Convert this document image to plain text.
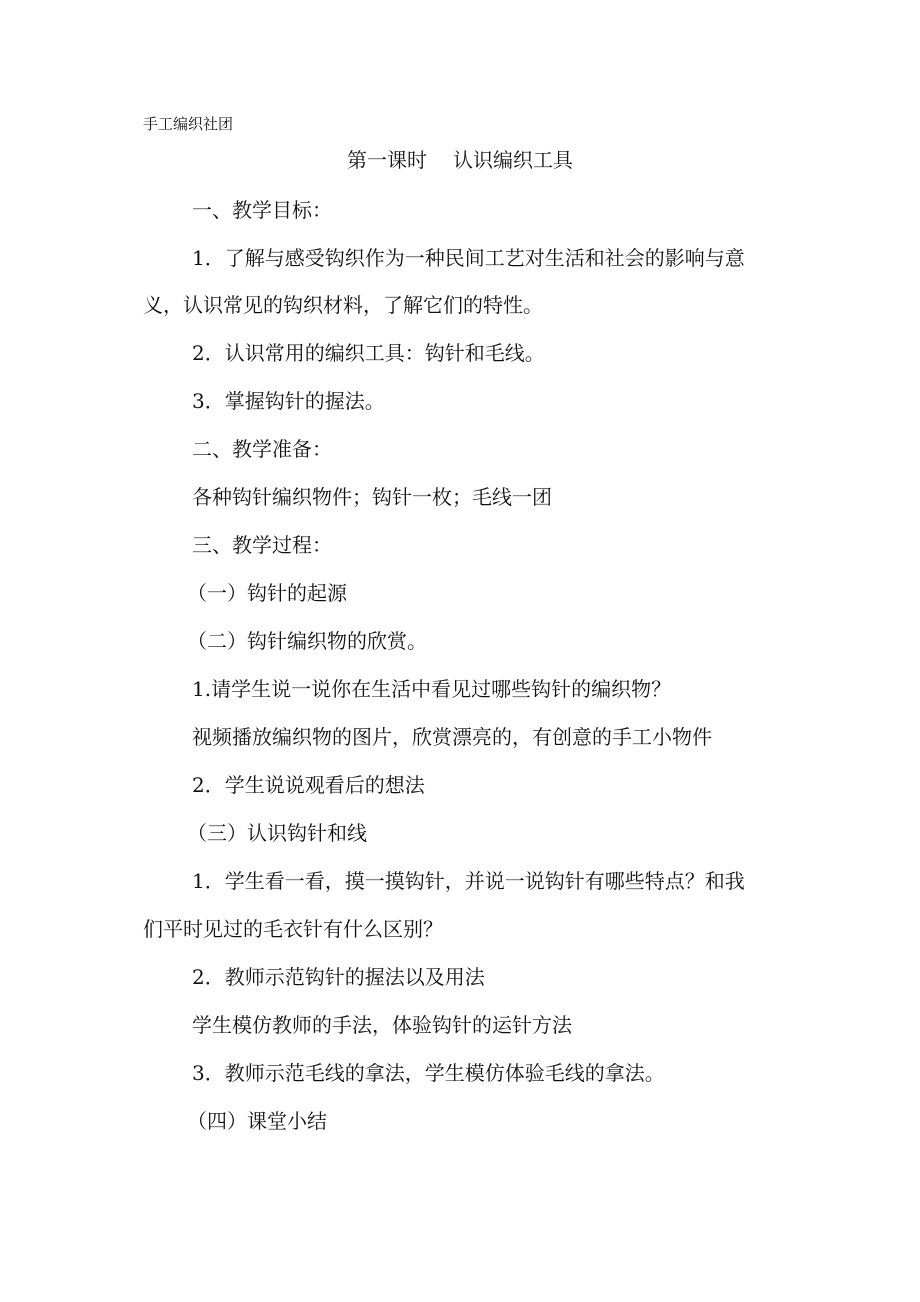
手工编织社团
第一课时 认识编织工具
一、教学目标：
1．了解与感受钩织作为一种民间工艺对生活和社会的影响与意
义，认识常见的钩织材料，了解它们的特性。
2．认识常用的编织工具：钩针和毛线。
3．掌握钩针的握法。
二、教学准备：
各种钩针编织物件；钩针一枚；毛线一团
三、教学过程：
（一）钩针的起源
（二）钩针编织物的欣赏。
1.请学生说一说你在生活中看见过哪些钩针的编织物？
视频播放编织物的图片，欣赏漂亮的，有创意的手工小物件
2．学生说说观看后的想法
（三）认识钩针和线
1．学生看一看，摸一摸钩针，并说一说钩针有哪些特点？和我
们平时见过的毛衣针有什么区别？
2．教师示范钩针的握法以及用法
学生模仿教师的手法，体验钩针的运针方法
3．教师示范毛线的拿法，学生模仿体验毛线的拿法。
（四）课堂小结
